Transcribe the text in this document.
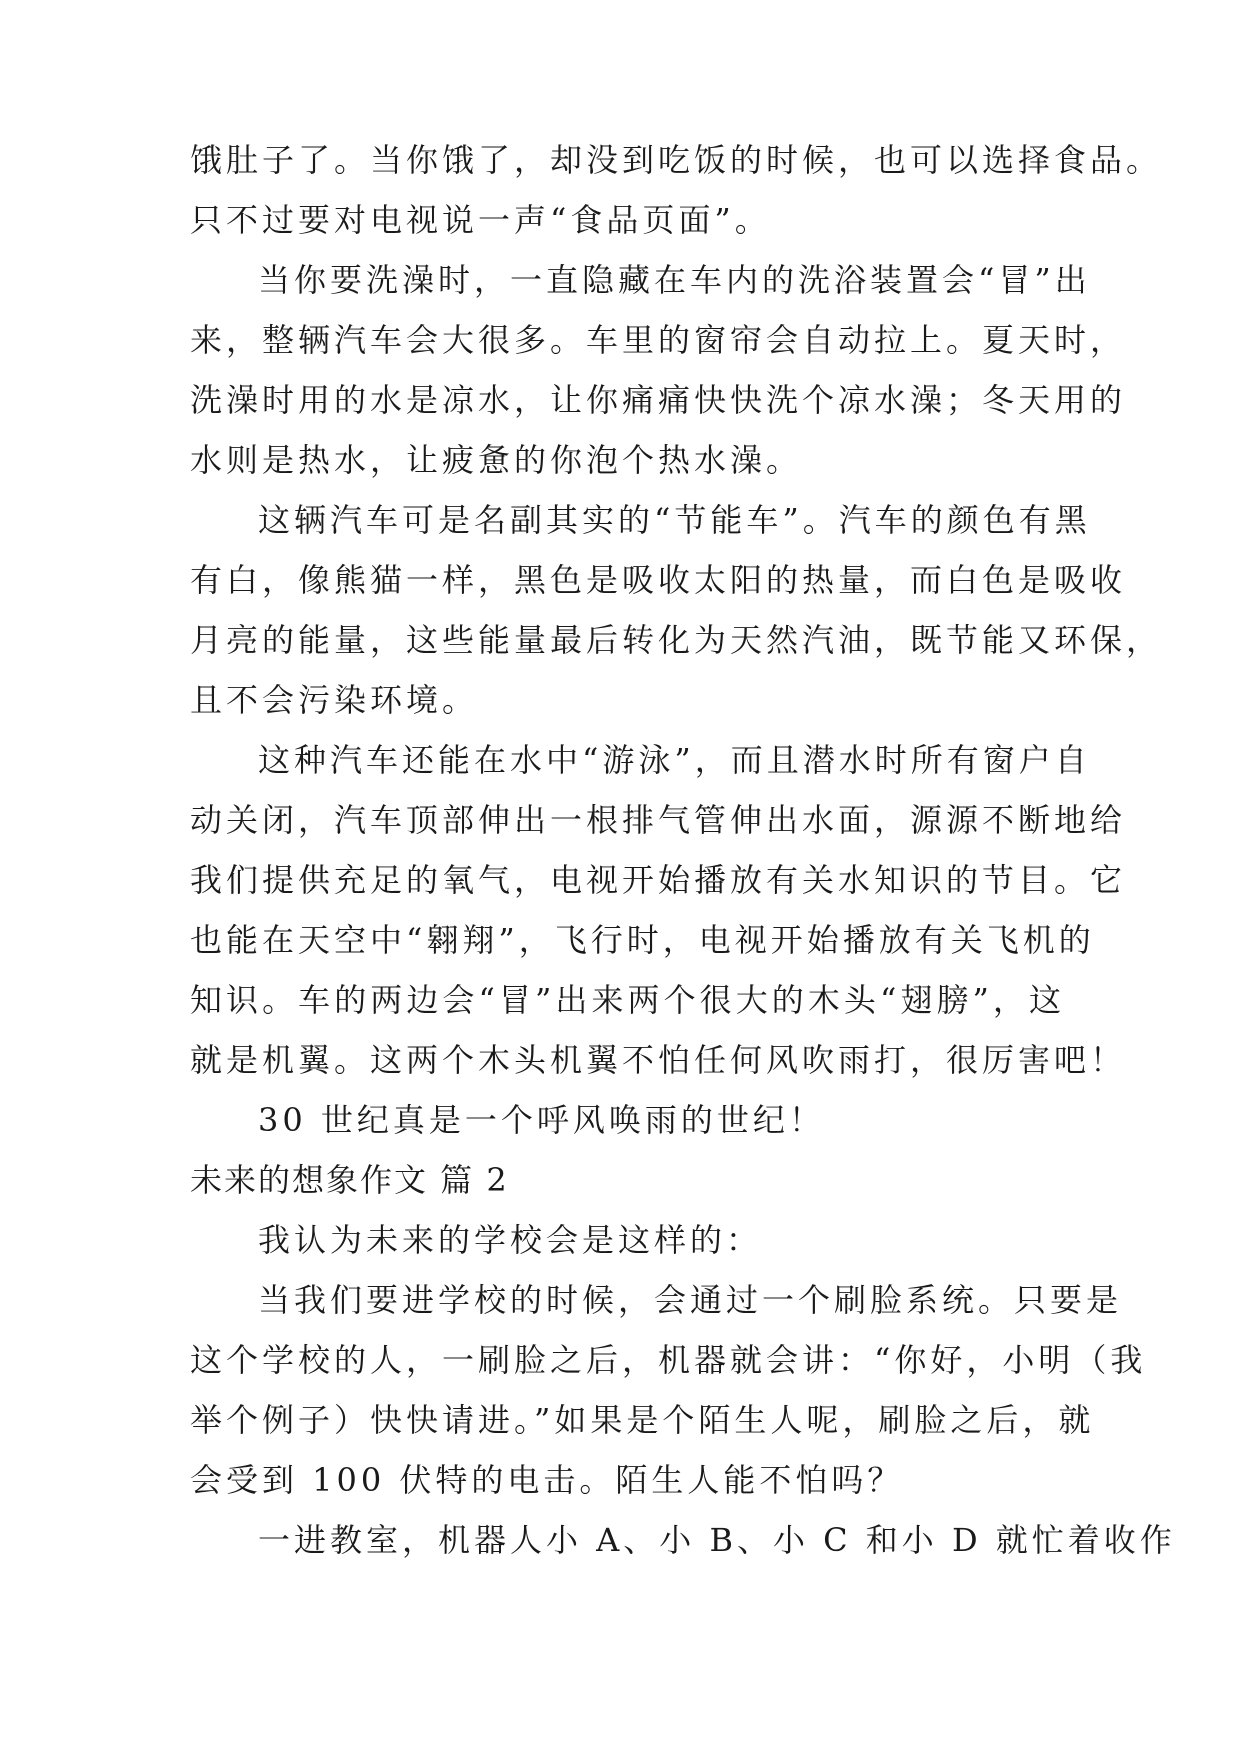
饿肚子了。当你饿了，却没到吃饭的时候，也可以选择食品。
只不过要对电视说一声“食品页面”。
当你要洗澡时，一直隐藏在车内的洗浴装置会“冒”出
来，整辆汽车会大很多。车里的窗帘会自动拉上。夏天时，
洗澡时用的水是凉水，让你痛痛快快洗个凉水澡；冬天用的
水则是热水，让疲惫的你泡个热水澡。
这辆汽车可是名副其实的“节能车”。汽车的颜色有黑
有白，像熊猫一样，黑色是吸收太阳的热量，而白色是吸收
月亮的能量，这些能量最后转化为天然汽油，既节能又环保，
且不会污染环境。
这种汽车还能在水中“游泳”，而且潜水时所有窗户自
动关闭，汽车顶部伸出一根排气管伸出水面，源源不断地给
我们提供充足的氧气，电视开始播放有关水知识的节目。它
也能在天空中“翱翔”，飞行时，电视开始播放有关飞机的
知识。车的两边会“冒”出来两个很大的木头“翅膀”，这
就是机翼。这两个木头机翼不怕任何风吹雨打，很厉害吧！
30 世纪真是一个呼风唤雨的世纪！
未来的想象作文 篇 2
我认为未来的学校会是这样的：
当我们要进学校的时候，会通过一个刷脸系统。只要是
这个学校的人，一刷脸之后，机器就会讲：“你好，小明（我
举个例子）快快请进。”如果是个陌生人呢，刷脸之后，就
会受到 100 伏特的电击。陌生人能不怕吗？
一进教室，机器人小 A、小 B、小 C 和小 D 就忙着收作
